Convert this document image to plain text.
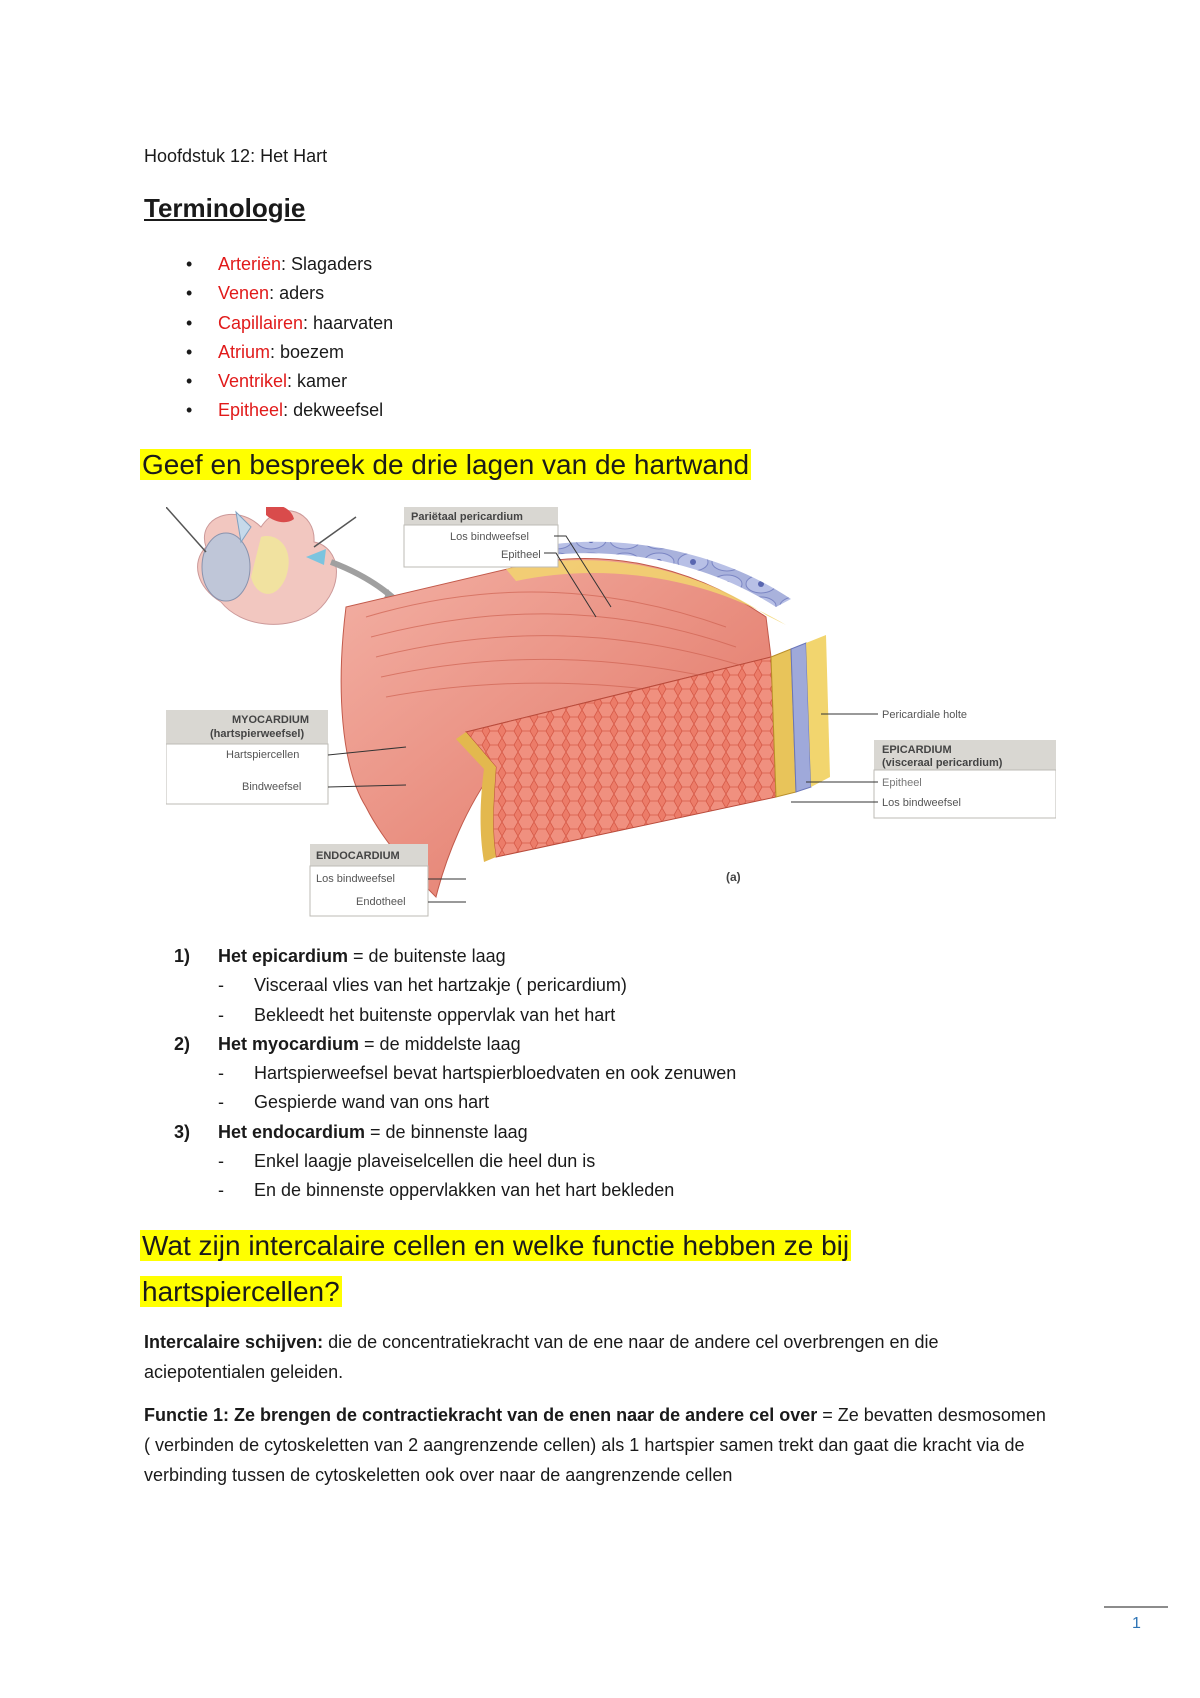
Hoofdstuk 12: Het Hart
Terminologie
• Arteriën: Slagaders
• Venen: aders
• Capillairen: haarvaten
• Atrium: boezem
• Ventrikel: kamer
• Epitheel: dekweefsel
Geef en bespreek de drie lagen van de hartwand
Pariëtaal pericardium
Los bindweefsel
Epitheel
Pericardiale holte
MYOCARDIUM
(hartspierweefsel)
Hartspiercellen
Bindweefsel
EPICARDIUM
(visceraal pericardium)
Epitheel
Los bindweefsel
ENDOCARDIUM
Los bindweefsel
Endotheel
(a)
1) Het epicardium = de buitenste laag
- Visceraal vlies van het hartzakje ( pericardium)
- Bekleedt het buitenste oppervlak van het hart
2) Het myocardium = de middelste laag
- Hartspierweefsel bevat hartspierbloedvaten en ook zenuwen
- Gespierde wand van ons hart
3) Het endocardium = de binnenste laag
- Enkel laagje plaveiselcellen die heel dun is
- En de binnenste oppervlakken van het hart bekleden
Wat zijn intercalaire cellen en welke functie hebben ze bij
hartspiercellen?
Intercalaire schijven: die de concentratiekracht van de ene naar de andere cel overbrengen en die aciepotentialen geleiden.
Functie 1: Ze brengen de contractiekracht van de enen naar de andere cel over = Ze bevatten desmosomen ( verbinden de cytoskeletten van 2 aangrenzende cellen) als 1 hartspier samen trekt dan gaat die kracht via de verbinding tussen de cytoskeletten ook over naar de aangrenzende cellen
1
